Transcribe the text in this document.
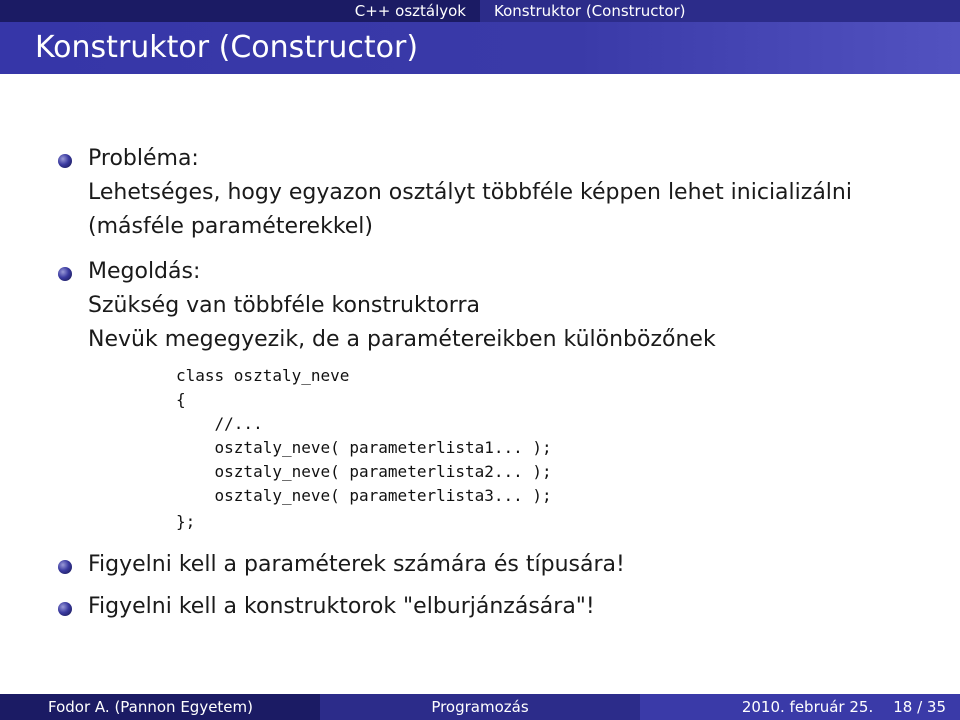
C++ osztályok	Konstruktor (Constructor)
Konstruktor (Constructor)
Probléma:
Lehetséges, hogy egyazon osztályt többféle képpen lehet inicializálni
(másféle paraméterekkel)
Megoldás:
Szükség van többféle konstruktorra
Nevük megegyezik, de a paramétereikben különbözőnek
class osztaly_neve
{
//...
osztaly_neve( parameterlista1... );
osztaly_neve( parameterlista2... );
osztaly_neve( parameterlista3... );
};
Figyelni kell a paraméterek számára és típusára!
Figyelni kell a konstruktorok "elburjánzására"!
Fodor A. (Pannon Egyetem)	Programozás	2010. február 25. 18 / 35
